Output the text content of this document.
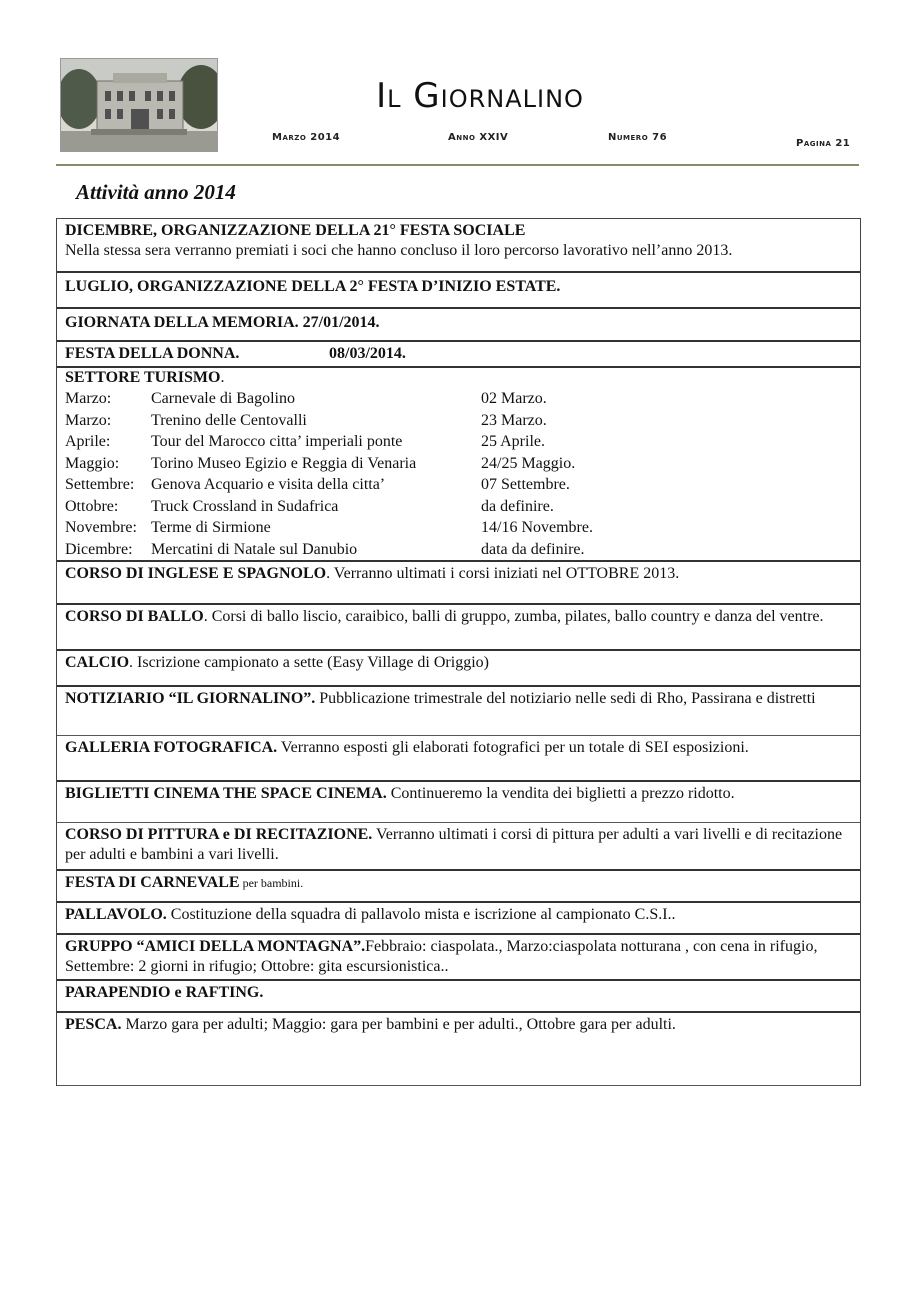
Il Giornalino
Marzo 2014	Anno XXIV	Numero 76
Pagina 21
Attività anno 2014
DICEMBRE, ORGANIZZAZIONE DELLA 21° FESTA SOCIALE
Nella stessa sera verranno premiati i soci che hanno concluso il loro percorso lavorativo nell’anno 2013.
LUGLIO, ORGANIZZAZIONE DELLA 2° FESTA D’INIZIO ESTATE.
GIORNATA DELLA MEMORIA. 27/01/2014.
FESTA DELLA DONNA.	08/03/2014.
SETTORE TURISMO.
Marzo:	Carnevale di Bagolino	02 Marzo.
Marzo:	Trenino delle Centovalli	23 Marzo.
Aprile:	Tour del Marocco citta’ imperiali ponte	25 Aprile.
Maggio:	Torino Museo Egizio e Reggia di Venaria	24/25 Maggio.
Settembre:	Genova Acquario e visita della citta’	07 Settembre.
Ottobre:	Truck Crossland in Sudafrica	da definire.
Novembre: Terme di Sirmione	14/16 Novembre.
Dicembre:	Mercatini di Natale sul Danubio	data da definire.
CORSO DI INGLESE E SPAGNOLO. Verranno ultimati i corsi iniziati nel OTTOBRE 2013.
CORSO DI BALLO. Corsi di ballo liscio, caraibico, balli di gruppo, zumba, pilates, ballo country e danza del ventre.
CALCIO. Iscrizione campionato a sette (Easy Village di Origgio)
NOTIZIARIO “IL GIORNALINO”. Pubblicazione trimestrale del notiziario nelle sedi di Rho, Passirana e distretti
GALLERIA FOTOGRAFICA. Verranno esposti gli elaborati fotografici per un totale di SEI esposizioni.
BIGLIETTI CINEMA THE SPACE CINEMA. Continueremo la vendita dei biglietti a prezzo ridotto.
CORSO DI PITTURA e DI RECITAZIONE. Verranno ultimati i corsi di pittura per adulti a vari livelli e di recitazione per adulti e bambini a vari livelli.
FESTA DI CARNEVALE per bambini.
PALLAVOLO. Costituzione della squadra di pallavolo mista e iscrizione al campionato C.S.I..
GRUPPO “AMICI DELLA MONTAGNA”.Febbraio: ciaspolata., Marzo:ciaspolata notturana , con cena in rifugio, Settembre: 2 giorni in rifugio; Ottobre: gita escursionistica..
PARAPENDIO e RAFTING.
PESCA. Marzo gara per adulti; Maggio: gara per bambini e per adulti., Ottobre gara per adulti.
